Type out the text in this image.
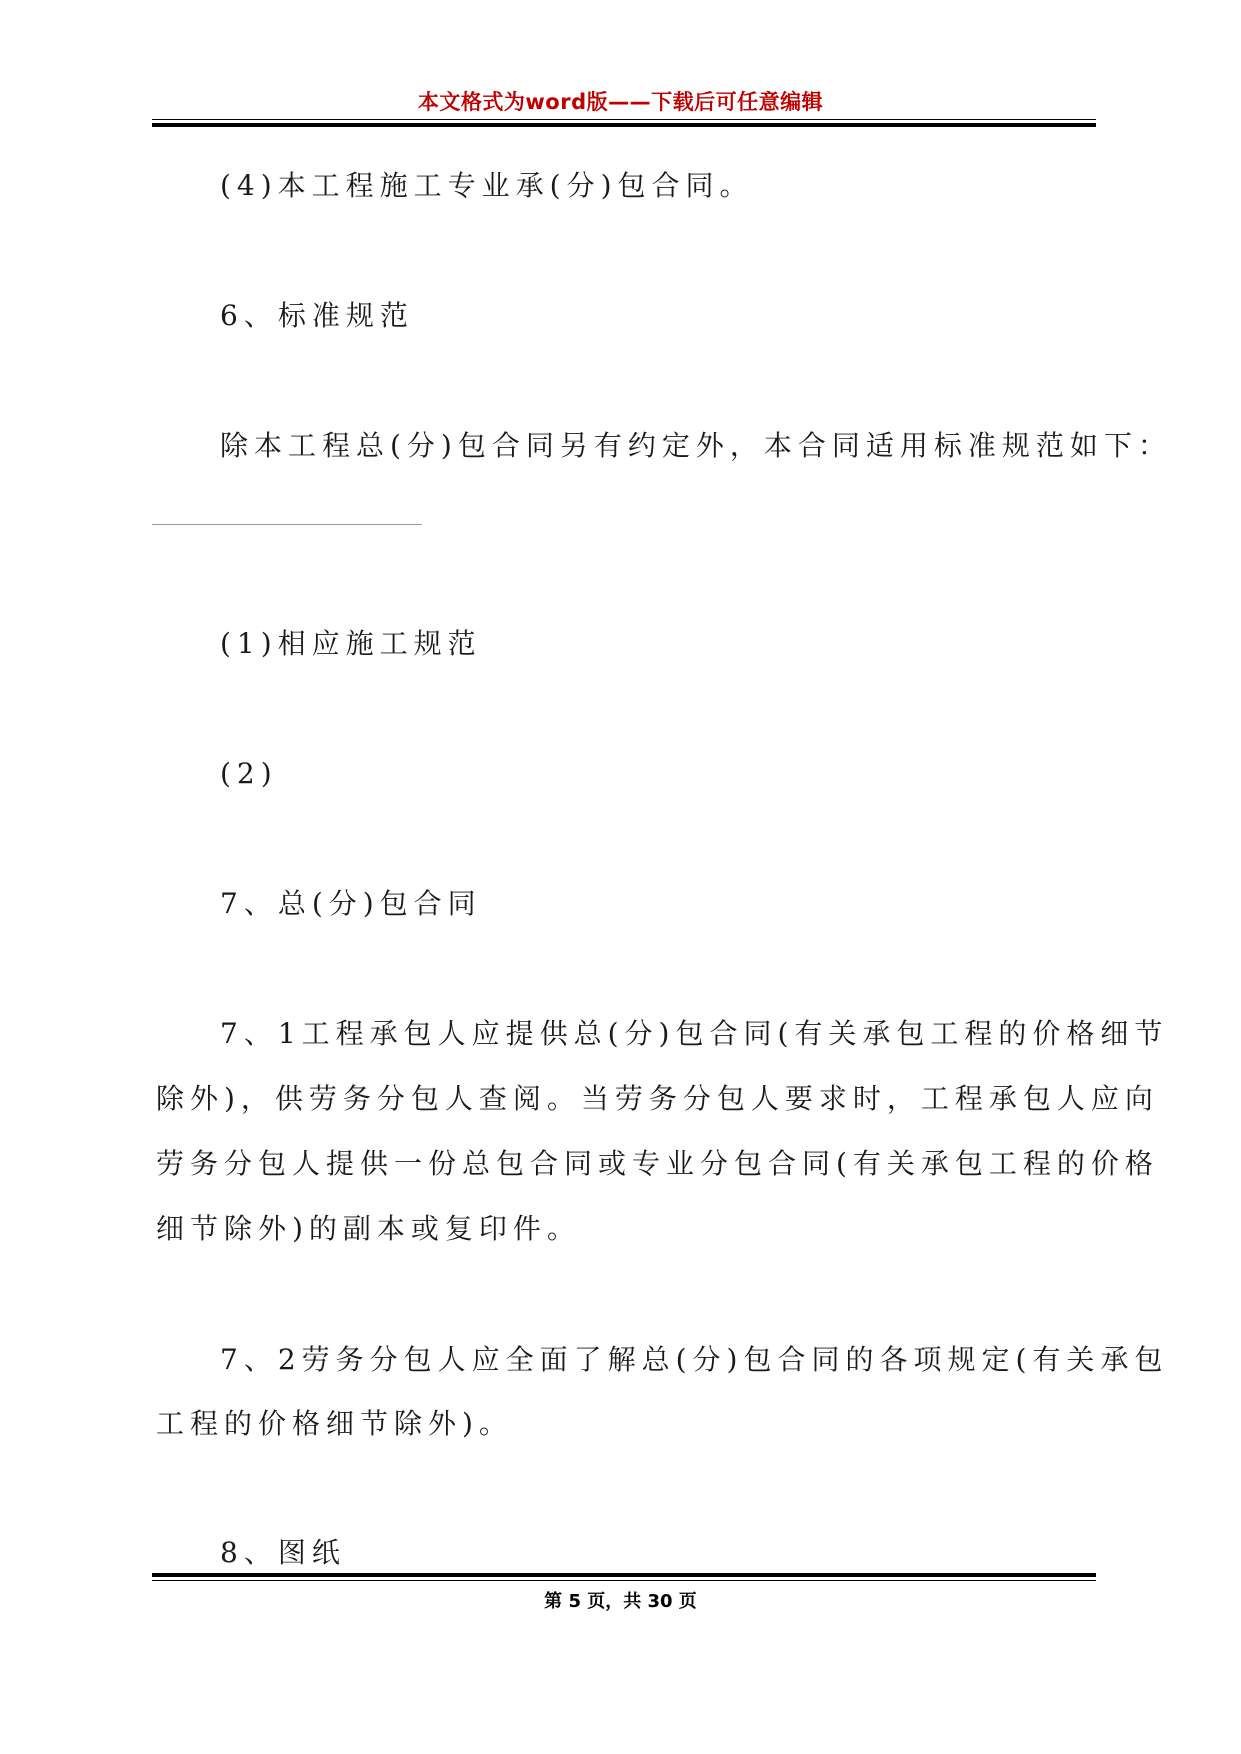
本文格式为word版——下载后可任意编辑
(4)本工程施工专业承(分)包合同。
6、标准规范
除本工程总(分)包合同另有约定外，本合同适用标准规范如下：
(1)相应施工规范
(2)
7、总(分)包合同
7、1工程承包人应提供总(分)包合同(有关承包工程的价格细节
除外)，供劳务分包人查阅。当劳务分包人要求时，工程承包人应向
劳务分包人提供一份总包合同或专业分包合同(有关承包工程的价格
细节除外)的副本或复印件。
7、2劳务分包人应全面了解总(分)包合同的各项规定(有关承包
工程的价格细节除外)。
8、图纸
第 5 页，共 30 页
